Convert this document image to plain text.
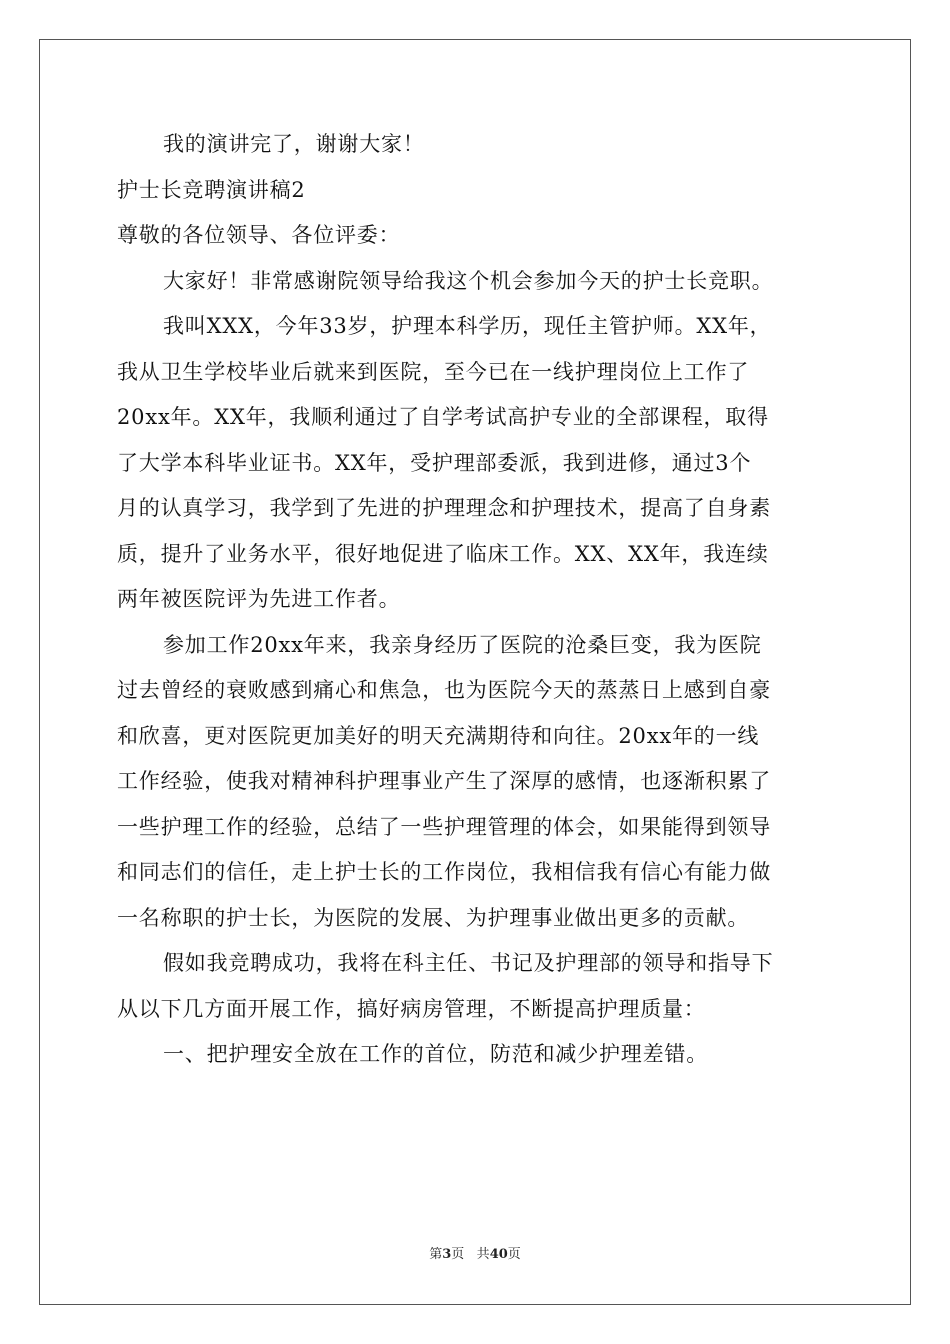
我的演讲完了，谢谢大家！
护士长竞聘演讲稿2
尊敬的各位领导、各位评委：
大家好！非常感谢院领导给我这个机会参加今天的护士长竞职。
我叫XXX，今年33岁，护理本科学历，现任主管护师。XX年，
我从卫生学校毕业后就来到医院，至今已在一线护理岗位上工作了
20xx年。XX年，我顺利通过了自学考试高护专业的全部课程，取得
了大学本科毕业证书。XX年，受护理部委派，我到进修，通过3个
月的认真学习，我学到了先进的护理理念和护理技术，提高了自身素
质，提升了业务水平，很好地促进了临床工作。XX、XX年，我连续
两年被医院评为先进工作者。
参加工作20xx年来，我亲身经历了医院的沧桑巨变，我为医院
过去曾经的衰败感到痛心和焦急，也为医院今天的蒸蒸日上感到自豪
和欣喜，更对医院更加美好的明天充满期待和向往。20xx年的一线
工作经验，使我对精神科护理事业产生了深厚的感情，也逐渐积累了
一些护理工作的经验，总结了一些护理管理的体会，如果能得到领导
和同志们的信任，走上护士长的工作岗位，我相信我有信心有能力做
一名称职的护士长，为医院的发展、为护理事业做出更多的贡献。
假如我竞聘成功，我将在科主任、书记及护理部的领导和指导下
从以下几方面开展工作，搞好病房管理，不断提高护理质量：
一、把护理安全放在工作的首位，防范和减少护理差错。
第3页 共40页
